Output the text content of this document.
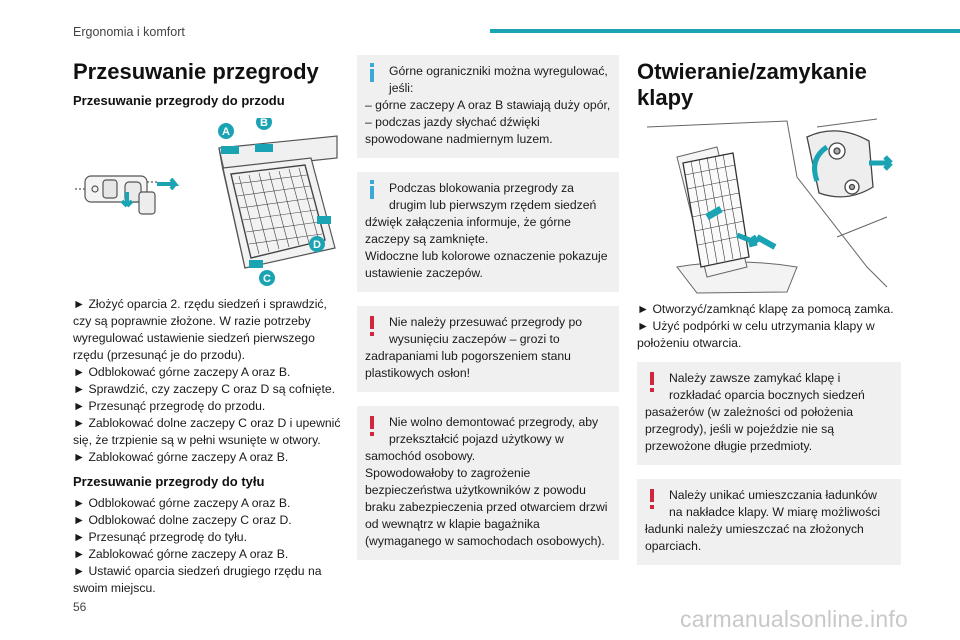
Ergonomia i komfort
Przesuwanie przegrody
Przesuwanie przegrody do przodu
A
B
C
D

► Złożyć oparcia 2. rzędu siedzeń i sprawdzić, czy są poprawnie złożone. W razie potrzeby wyregulować ustawienie siedzeń pierwszego rzędu (przesunąć je do przodu).

► Odblokować górne zaczepy A oraz B.

► Sprawdzić, czy zaczepy C oraz D są cofnięte.

► Przesunąć przegrodę do przodu.

► Zablokować dolne zaczepy C oraz D i upewnić się, że trzpienie są w pełni wsunięte w otwory.

► Zablokować górne zaczepy A oraz B.

Przesuwanie przegrody do tyłu

► Odblokować górne zaczepy A oraz B.

► Odblokować dolne zaczepy C oraz D.

► Przesunąć przegrodę do tyłu.

► Zablokować górne zaczepy A oraz B.

► Ustawić oparcia siedzeń drugiego rzędu na swoim miejscu.

Górne ograniczniki można wyregulować, jeśli:

– górne zaczepy A oraz B stawiają duży opór,

– podczas jazdy słychać dźwięki spowodowane nadmiernym luzem.

Podczas blokowania przegrody za drugim lub pierwszym rzędem siedzeń

dźwięk załączenia informuje, że górne zaczepy są zamknięte.

Widoczne lub kolorowe oznaczenie pokazuje ustawienie zaczepów.

Nie należy przesuwać przegrody po wysunięciu zaczepów – grozi to

zadrapaniami lub pogorszeniem stanu plastikowych osłon!

Nie wolno demontować przegrody, aby przekształcić pojazd użytkowy w

samochód osobowy.

Spowodowałoby to zagrożenie bezpieczeństwa użytkowników z powodu braku zabezpieczenia przed otwarciem drzwi od wewnątrz w klapie bagażnika (wymaganego w samochodach osobowych).

Otwieranie/zamykanie klapy

► Otworzyć/zamknąć klapę za pomocą zamka.

► Użyć podpórki w celu utrzymania klapy w położeniu otwarcia.

Należy zawsze zamykać klapę i rozkładać oparcia bocznych siedzeń

pasażerów (w zależności od położenia przegrody), jeśli w pojeździe nie są przewożone długie przedmioty.

Należy unikać umieszczania ładunków na nakładce klapy. W miarę możliwości

ładunki należy umieszczać na złożonych oparciach.

56	carmanualsonline.info
